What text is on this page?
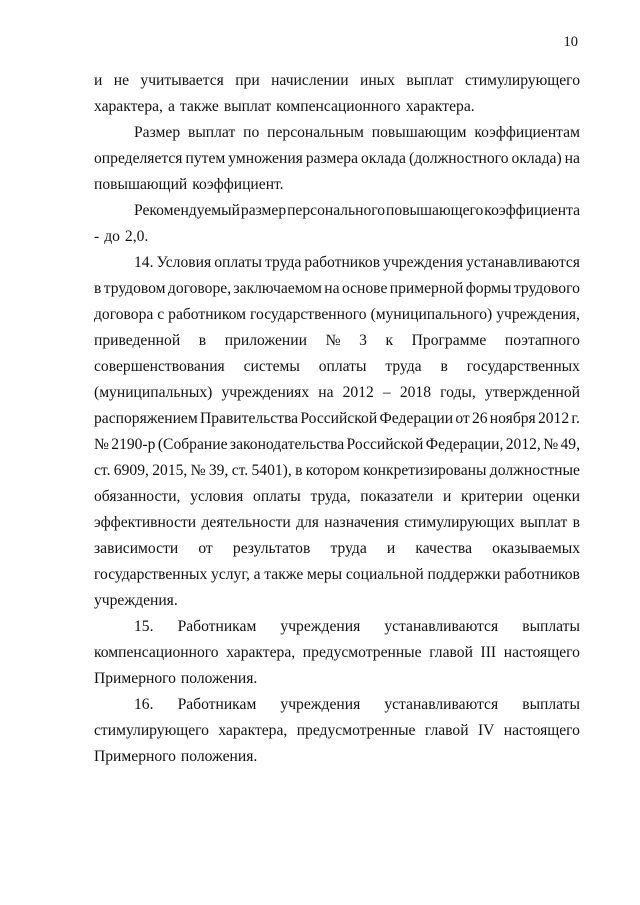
10
и не учитывается при начислении иных выплат стимулирующего
характера, а также выплат компенсационного характера.
Размер выплат по персональным повышающим коэффициентам
определяется путем умножения размера оклада (должностного оклада) на
повышающий коэффициент.
Рекомендуемый размер персонального повышающего коэффициента
- до 2,0.
14. Условия оплаты труда работников учреждения устанавливаются
в трудовом договоре, заключаемом на основе примерной формы трудового
договора с работником государственного (муниципального) учреждения,
приведенной в приложении № 3 к Программе поэтапного
совершенствования системы оплаты труда в государственных
(муниципальных) учреждениях на 2012 – 2018 годы, утвержденной
распоряжением Правительства Российской Федерации от 26 ноября 2012 г.
№ 2190-р (Собрание законодательства Российской Федерации, 2012, № 49,
ст. 6909, 2015, № 39, ст. 5401), в котором конкретизированы должностные
обязанности, условия оплаты труда, показатели и критерии оценки
эффективности деятельности для назначения стимулирующих выплат в
зависимости от результатов труда и качества оказываемых
государственных услуг, а также меры социальной поддержки работников
учреждения.
15. Работникам учреждения устанавливаются выплаты
компенсационного характера, предусмотренные главой III настоящего
Примерного положения.
16. Работникам учреждения устанавливаются выплаты
стимулирующего характера, предусмотренные главой IV настоящего
Примерного положения.
